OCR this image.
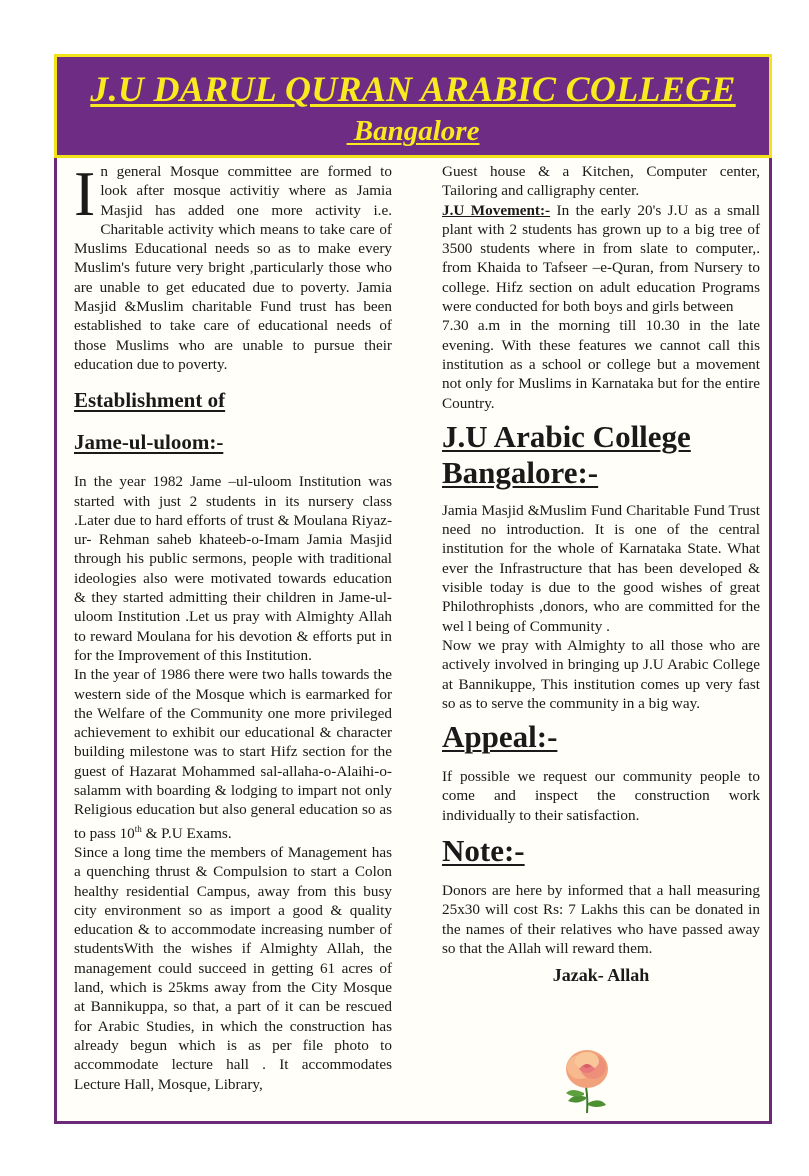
J.U DARUL QURAN ARABIC COLLEGE
Bangalore

In general Mosque committee are formed to look after mosque activitiy where as Jamia Masjid has added one more activity i.e. Charitable activity which means to take care of Muslims Educational needs so as to make every Muslim's future very bright ,particularly those who are unable to get educated due to poverty. Jamia Masjid &Muslim charitable Fund trust has been established to take care of educational needs of those Muslims who are unable to pursue their education due to poverty.

Establishment of
Jame-ul-uloom:-

In the year 1982 Jame –ul-uloom Institution was started with just 2 students in its nursery class .Later due to hard efforts of trust & Moulana Riyaz-ur- Rehman saheb khateeb-o-Imam Jamia Masjid through his public sermons, people with traditional ideologies also were motivated towards education & they started admitting their children in Jame-ul-uloom Institution .Let us pray with Almighty Allah to reward Moulana for his devotion & efforts put in for the Improvement of this Institution.

In the year of 1986 there were two halls towards the western side of the Mosque which is earmarked for the Welfare of the Community one more privileged achievement to exhibit our educational & character building milestone was to start Hifz section for the guest of Hazarat Mohammed sal-allaha-o-Alaihi-o-salamm with boarding & lodging to impart not only Religious education but also general education so as to pass 10th & P.U Exams.

Since a long time the members of Management has a quenching thrust & Compulsion to start a Colon healthy residential Campus, away from this busy city environment so as import a good & quality education & to accommodate increasing number of studentsWith the wishes if Almighty Allah, the management could succeed in getting 61 acres of land, which is 25kms away from the City Mosque at Bannikuppa, so that, a part of it can be rescued for Arabic Studies, in which the construction has already begun which is as per file photo to accommodate lecture hall . It accommodates Lecture Hall, Mosque, Library,

Guest house & a Kitchen, Computer center, Tailoring and calligraphy center.

J.U Movement:- In the early 20's J.U as a small plant with 2 students has grown up to a big tree of 3500 students where in from slate to computer,. from Khaida to Tafseer –e-Quran, from Nursery to college. Hifz section on adult education Programs were conducted for both boys and girls between

7.30 a.m in the morning till 10.30 in the late evening. With these features we cannot call this institution as a school or college but a movement not only for Muslims in Karnataka but for the entire Country.

J.U Arabic College
Bangalore:-

Jamia Masjid &Muslim Fund Charitable Fund Trust need no introduction. It is one of the central institution for the whole of Karnataka State. What ever the Infrastructure that has been developed & visible today is due to the good wishes of great Philothrophists ,donors, who are committed for the wel l being of Community .

Now we pray with Almighty to all those who are actively involved in bringing up J.U Arabic College at Bannikuppe, This institution comes up very fast so as to serve the community in a big way.

Appeal:-

If possible we request our community people to come and inspect the construction work individually to their satisfaction.

Note:-

Donors are here by informed that a hall measuring 25x30 will cost Rs: 7 Lakhs this can be donated in the names of their relatives who have passed away so that the Allah will reward them.

Jazak- Allah
